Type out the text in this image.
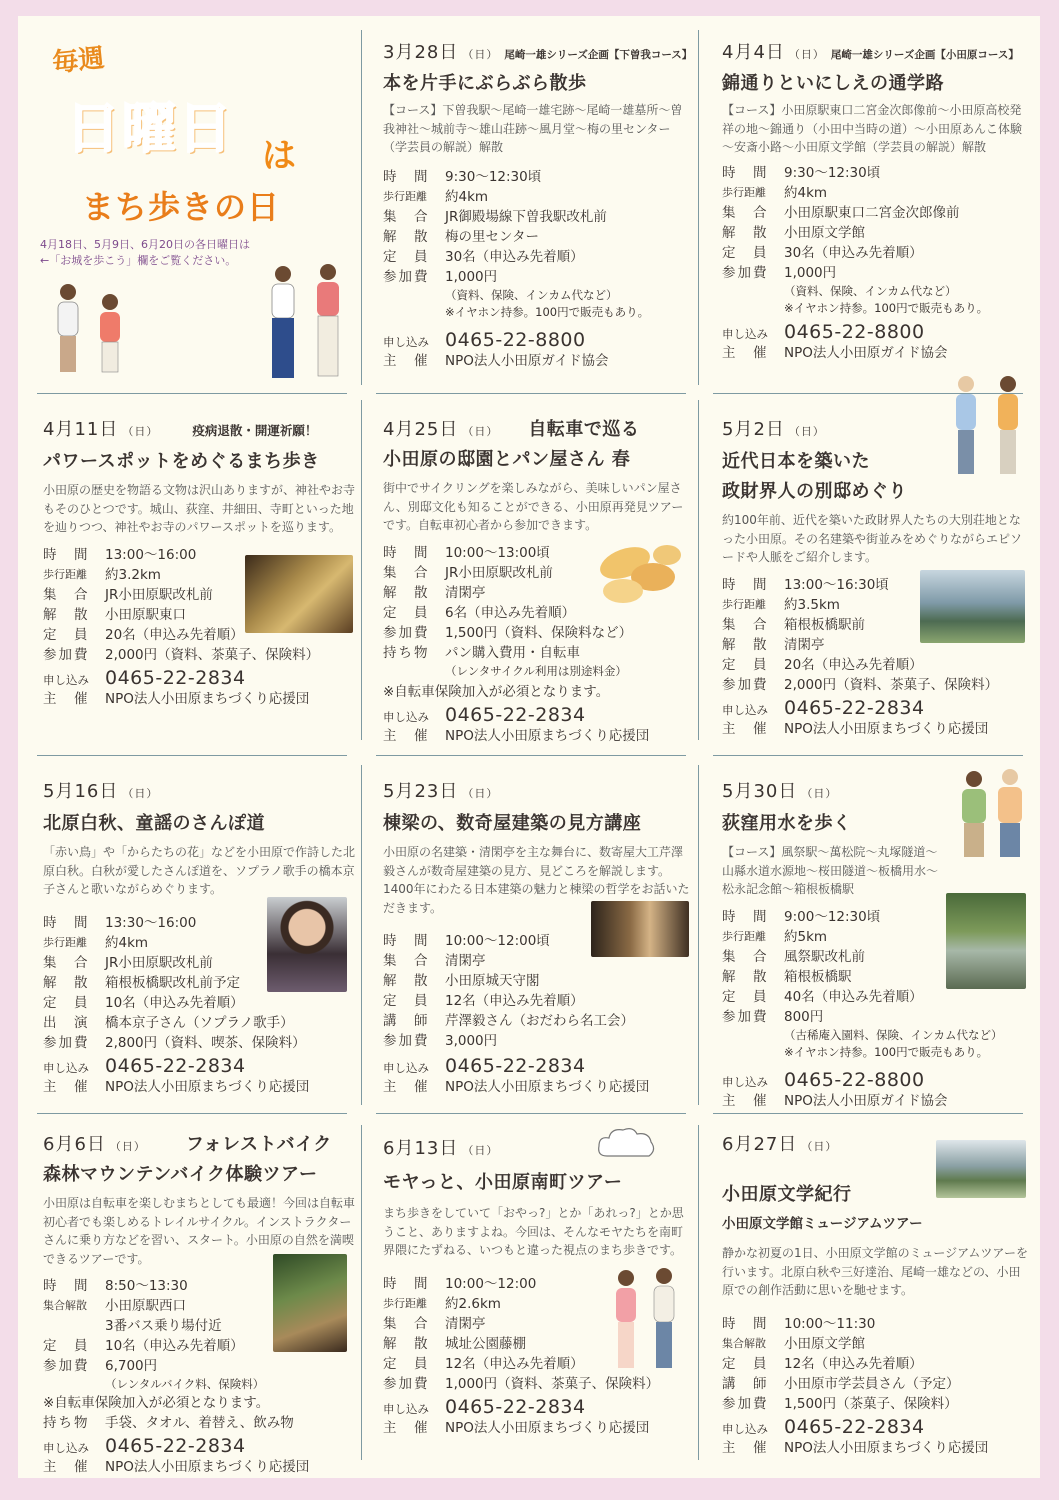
毎週
日曜日 は
まち歩きの日
4月18日、5月9日、6月20日の各日曜日は
←「お城を歩こう」欄をご覧ください。
3月28日 （日） 尾崎一雄シリーズ企画【下曽我コース】
本を片手にぶらぶら散歩
【コース】下曽我駅～尾崎一雄宅跡～尾崎一雄墓所～曽我神社～城前寺～雄山荘跡～風月堂～梅の里センター（学芸員の解説）解散
時　間	9:30～12:30頃
歩行距離	約4km
集　合	JR御殿場線下曽我駅改札前
解　散	梅の里センター
定　員	30名（申込み先着順）
参加費	1,000円
（資料、保険、インカム代など）
※イヤホン持参。100円で販売もあり。
申し込み 0465-22-8800
主　催	NPO法人小田原ガイド協会
4月4日 （日） 尾崎一雄シリーズ企画【小田原コース】
錦通りといにしえの通学路
【コース】小田原駅東口二宮金次郎像前～小田原高校発祥の地～錦通り（小田中当時の道）～小田原あんこ体験～安斎小路～小田原文学館（学芸員の解説）解散
時　間	9:30～12:30頃
歩行距離	約4km
集　合	小田原駅東口二宮金次郎像前
解　散	小田原文学館
定　員	30名（申込み先着順）
参加費	1,000円
（資料、保険、インカム代など）
※イヤホン持参。100円で販売もあり。
申し込み 0465-22-8800
主　催	NPO法人小田原ガイド協会
4月11日 （日）	疫病退散・開運祈願！
パワースポットをめぐるまち歩き
小田原の歴史を物語る文物は沢山ありますが、神社やお寺もそのひとつです。城山、荻窪、井細田、寺町といった地を辿りつつ、神社やお寺のパワースポットを巡ります。
時　間	13:00～16:00
歩行距離	約3.2km
集　合	JR小田原駅改札前
解　散	小田原駅東口
定　員	20名（申込み先着順）
参加費	2,000円（資料、茶菓子、保険料）
申し込み 0465-22-2834
主　催	NPO法人小田原まちづくり応援団
4月25日 （日） 自転車で巡る
小田原の邸園とパン屋さん 春
街中でサイクリングを楽しみながら、美味しいパン屋さん、別邸文化も知ることができる、小田原再発見ツアーです。自転車初心者から参加できます。
時　間	10:00～13:00頃
集　合	JR小田原駅改札前
解　散	清閑亭
定　員	6名（申込み先着順）
参加費	1,500円（資料、保険料など）
持ち物	パン購入費用・自転車
（レンタサイクル利用は別途料金）
※自転車保険加入が必須となります。
申し込み 0465-22-2834
主　催	NPO法人小田原まちづくり応援団
5月2日 （日）
近代日本を築いた
政財界人の別邸めぐり
約100年前、近代を築いた政財界人たちの大別荘地となった小田原。その名建築や街並みをめぐりながらエピソードや人脈をご紹介します。
時　間	13:00～16:30頃
歩行距離	約3.5km
集　合	箱根板橋駅前
解　散	清閑亭
定　員	20名（申込み先着順）
参加費	2,000円（資料、茶菓子、保険料）
申し込み 0465-22-2834
主　催	NPO法人小田原まちづくり応援団
5月16日 （日）
北原白秋、童謡のさんぽ道
「赤い鳥」や「からたちの花」などを小田原で作詩した北原白秋。白秋が愛したさんぽ道を、ソプラノ歌手の橋本京子さんと歌いながらめぐります。
時　間	13:30～16:00
歩行距離	約4km
集　合	JR小田原駅改札前
解　散	箱根板橋駅改札前予定
定　員	10名（申込み先着順）
出　演	橋本京子さん（ソプラノ歌手）
参加費	2,800円（資料、喫茶、保険料）
申し込み 0465-22-2834
主　催	NPO法人小田原まちづくり応援団
5月23日 （日）
棟梁の、数奇屋建築の見方講座
小田原の名建築・清閑亭を主な舞台に、数寄屋大工芹澤毅さんが数奇屋建築の見方、見どころを解説します。1400年にわたる日本建築の魅力と棟梁の哲学をお話いただきます。
時　間	10:00～12:00頃
集　合	清閑亭
解　散	小田原城天守閣
定　員	12名（申込み先着順）
講　師	芹澤毅さん（おだわら名工会）
参加費	3,000円
申し込み 0465-22-2834
主　催	NPO法人小田原まちづくり応援団
5月30日 （日）
荻窪用水を歩く
【コース】風祭駅～萬松院～丸塚隧道～山縣水道水源地～桜田隧道～板橋用水～松永記念館～箱根板橋駅
時　間	9:00～12:30頃
歩行距離	約5km
集　合	風祭駅改札前
解　散	箱根板橋駅
定　員	40名（申込み先着順）
参加費	800円
（古稀庵入園料、保険、インカム代など）
※イヤホン持参。100円で販売もあり。
申し込み 0465-22-8800
主　催	NPO法人小田原ガイド協会
6月6日 （日） フォレストバイク
森林マウンテンバイク体験ツアー
小田原は自転車を楽しむまちとしても最適！今回は自転車初心者でも楽しめるトレイルサイクル。インストラクターさんに乗り方などを習い、スタート。小田原の自然を満喫できるツアーです。
時　間	8:50～13:30
集合解散	小田原駅西口
3番バス乗り場付近
定　員	10名（申込み先着順）
参加費	6,700円
（レンタルバイク料、保険料）
※自転車保険加入が必須となります。
持ち物	手袋、タオル、着替え、飲み物
申し込み 0465-22-2834
主　催	NPO法人小田原まちづくり応援団
6月13日 （日）
モヤっと、小田原南町ツアー
まち歩きをしていて「おやっ?」とか「あれっ?」とか思うこと、ありますよね。今回は、そんなモヤたちを南町界隈にたずねる、いつもと違った視点のまち歩きです。
時　間	10:00～12:00
歩行距離	約2.6km
集　合	清閑亭
解　散	城址公園藤棚
定　員	12名（申込み先着順）
参加費	1,000円（資料、茶菓子、保険料）
申し込み 0465-22-2834
主　催	NPO法人小田原まちづくり応援団
6月27日 （日）
小田原文学紀行
小田原文学館ミュージアムツアー
静かな初夏の1日、小田原文学館のミュージアムツアーを行います。北原白秋や三好達治、尾崎一雄などの、小田原での創作活動に思いを馳せます。
時　間	10:00～11:30
集合解散	小田原文学館
定　員	12名（申込み先着順）
講　師	小田原市学芸員さん（予定）
参加費	1,500円（茶菓子、保険料）
申し込み 0465-22-2834
主　催	NPO法人小田原まちづくり応援団
